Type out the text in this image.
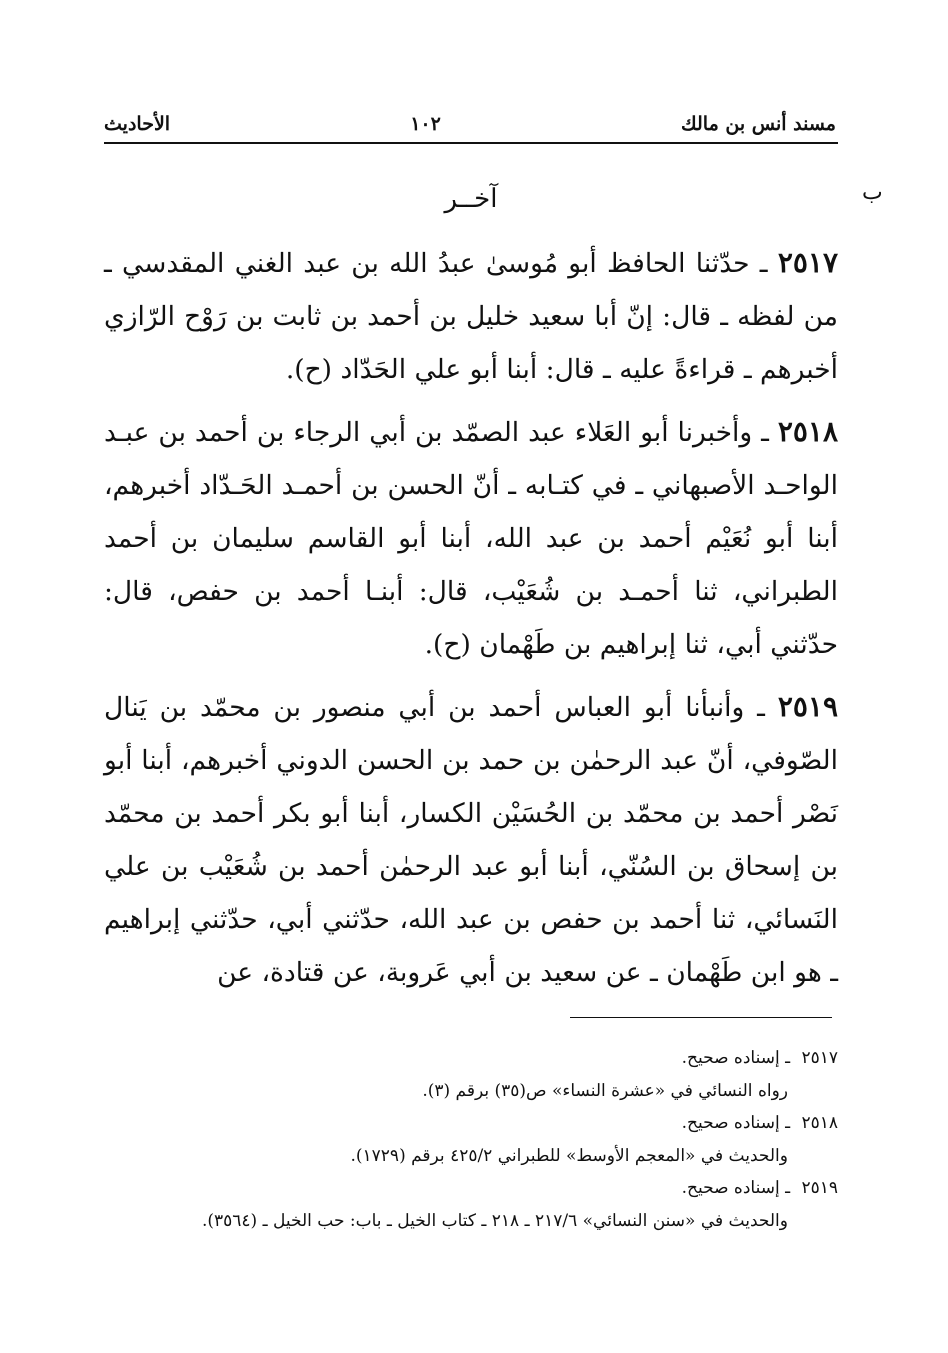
مسند أنس بن مالك
١٠٢
الأحاديث
ب
آخــر

٢٥١٧ ـ حدّثنا الحافظ أبو مُوسىٰ عبدُ الله بن عبد الغني المقدسي ـ من لفظه ـ قال: إنّ أبا سعيد خليل بن أحمد بن ثابت بن رَوْح الرّازي أخبرهم ـ قراءةً عليه ـ قال: أبنا أبو علي الحَدّاد (ح).

٢٥١٨ ـ وأخبرنا أبو العَلاء عبد الصمّد بن أبي الرجاء بن أحمد بن عبـد الواحـد الأصبهاني ـ في كتـابه ـ أنّ الحسن بن أحمـد الحَـدّاد أخبرهم، أبنا أبو نُعَيْم أحمد بن عبد الله، أبنا أبو القاسم سليمان بن أحمد الطبراني، ثنا أحمـد بن شُعَيْب، قال: أبنـا أحمد بن حفص، قال: حدّثني أبي، ثنا إبراهيم بن طَهْمان (ح).

٢٥١٩ ـ وأنبأنا أبو العباس أحمد بن أبي منصور بن محمّد بن يَنال الصّوفي، أنّ عبد الرحمٰن بن حمد بن الحسن الدوني أخبرهم، أبنا أبو نَصْر أحمد بن محمّد بن الحُسَيْن الكسار، أبنا أبو بكر أحمد بن محمّد بن إسحاق بن السُنّي، أبنا أبو عبد الرحمٰن أحمد بن شُعَيْب بن علي النَسائي، ثنا أحمد بن حفص بن عبد الله، حدّثني أبي، حدّثني إبراهيم ـ هو ابن طَهْمان ـ عن سعيد بن أبي عَروبة، عن قتادة، عن

٢٥١٧ ـ إسناده صحيح.
رواه النسائي في «عشرة النساء» ص(٣٥) برقم (٣).
٢٥١٨ ـ إسناده صحيح.
والحديث في «المعجم الأوسط» للطبراني ٤٢٥/٢ برقم (١٧٢٩).
٢٥١٩ ـ إسناده صحيح.
والحديث في «سنن النسائي» ٢١٧/٦ ـ ٢١٨ ـ كتاب الخيل ـ باب: حب الخيل ـ (٣٥٦٤).
